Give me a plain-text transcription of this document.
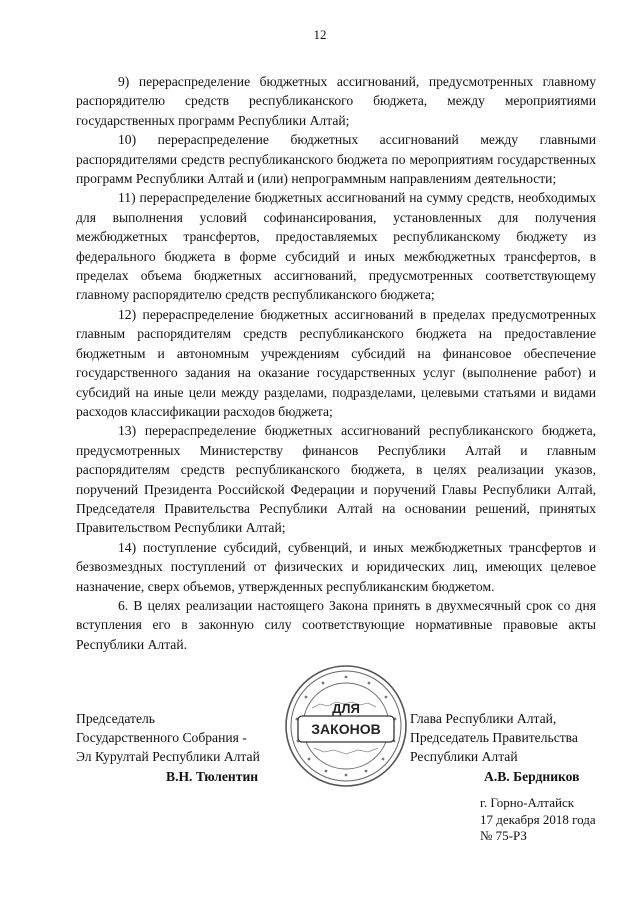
12

9) перераспределение бюджетных ассигнований, предусмотренных главному распорядителю средств республиканского бюджета, между мероприятиями государственных программ Республики Алтай;

10) перераспределение бюджетных ассигнований между главными распорядителями средств республиканского бюджета по мероприятиям государственных программ Республики Алтай и (или) непрограммным направлениям деятельности;

11) перераспределение бюджетных ассигнований на сумму средств, необходимых для выполнения условий софинансирования, установленных для получения межбюджетных трансфертов, предоставляемых республиканскому бюджету из федерального бюджета в форме субсидий и иных межбюджетных трансфертов, в пределах объема бюджетных ассигнований, предусмотренных соответствующему главному распорядителю средств республиканского бюджета;

12) перераспределение бюджетных ассигнований в пределах предусмотренных главным распорядителям средств республиканского бюджета на предоставление бюджетным и автономным учреждениям субсидий на финансовое обеспечение государственного задания на оказание государственных услуг (выполнение работ) и субсидий на иные цели между разделами, подразделами, целевыми статьями и видами расходов классификации расходов бюджета;

13) перераспределение бюджетных ассигнований республиканского бюджета, предусмотренных Министерству финансов Республики Алтай и главным распорядителям средств республиканского бюджета, в целях реализации указов, поручений Президента Российской Федерации и поручений Главы Республики Алтай, Председателя Правительства Республики Алтай на основании решений, принятых Правительством Республики Алтай;

14) поступление субсидий, субвенций, и иных межбюджетных трансфертов и безвозмездных поступлений от физических и юридических лиц, имеющих целевое назначение, сверх объемов, утвержденных республиканским бюджетом.

6. В целях реализации настоящего Закона принять в двухмесячный срок со дня вступления его в законную силу соответствующие нормативные правовые акты Республики Алтай.

Председатель
Государственного Собрания -
Эл Курултай Республики Алтай
В.Н. Тюлентин
Глава Республики Алтай,
Председатель Правительства
Республики Алтай
А.В. Бердников
ДЛЯ
ЗАКОНОВ
г. Горно-Алтайск
17 декабря 2018 года
№ 75-РЗ
